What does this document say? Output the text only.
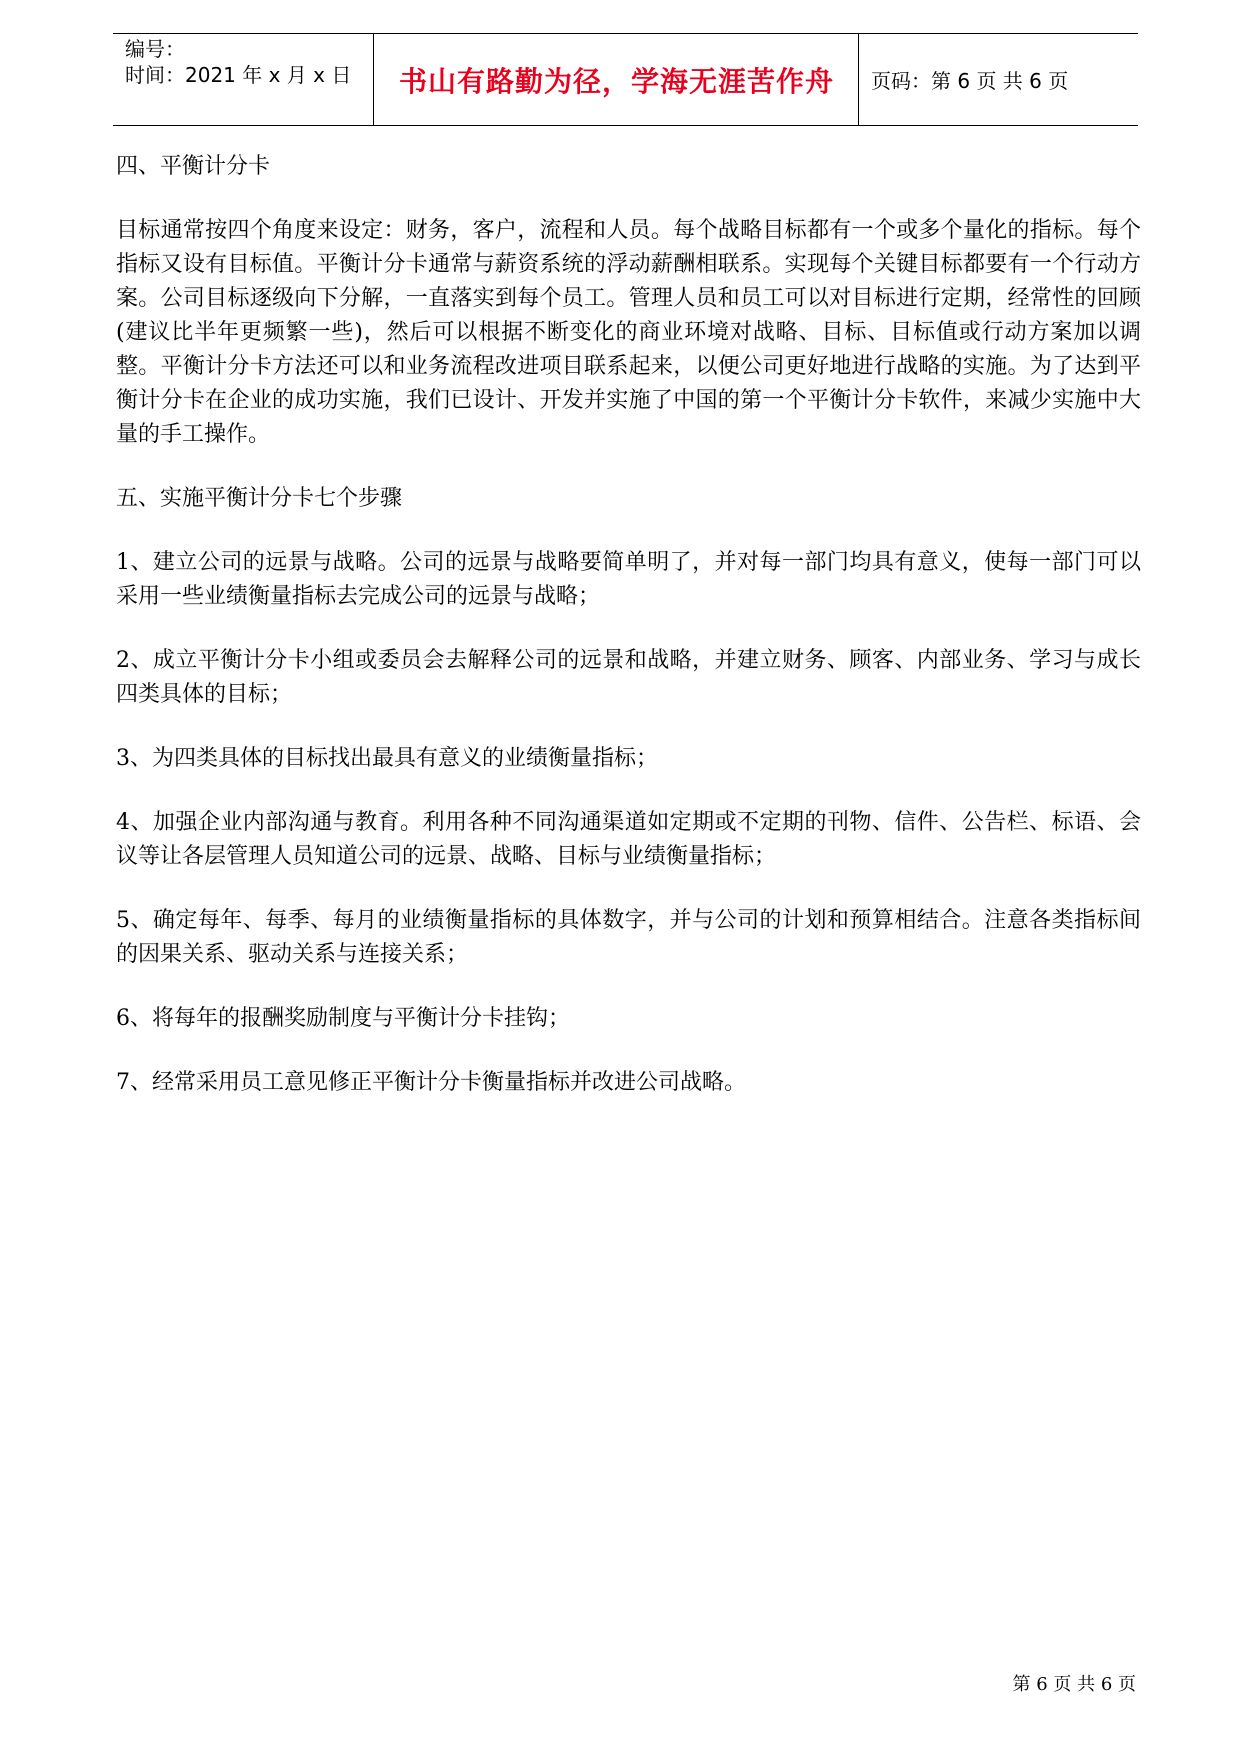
编号：
时间：2021 年 x 月 x 日	书山有路勤为径，学海无涯苦作舟 页码：第 6 页 共 6 页

四、平衡计分卡

目标通常按四个角度来设定：财务，客户，流程和人员。每个战略目标都有一个或多个量化的指标。每个指标又设有目标值。平衡计分卡通常与薪资系统的浮动薪酬相联系。实现每个关键目标都要有一个行动方案。公司目标逐级向下分解，一直落实到每个员工。管理人员和员工可以对目标进行定期，经常性的回顾(建议比半年更频繁一些)，然后可以根据不断变化的商业环境对战略、目标、目标值或行动方案加以调整。平衡计分卡方法还可以和业务流程改进项目联系起来，以便公司更好地进行战略的实施。为了达到平衡计分卡在企业的成功实施，我们已设计、开发并实施了中国的第一个平衡计分卡软件，来减少实施中大量的手工操作。

五、实施平衡计分卡七个步骤

1、建立公司的远景与战略。公司的远景与战略要简单明了，并对每一部门均具有意义，使每一部门可以采用一些业绩衡量指标去完成公司的远景与战略；

2、成立平衡计分卡小组或委员会去解释公司的远景和战略，并建立财务、顾客、内部业务、学习与成长四类具体的目标；

3、为四类具体的目标找出最具有意义的业绩衡量指标；

4、加强企业内部沟通与教育。利用各种不同沟通渠道如定期或不定期的刊物、信件、公告栏、标语、会议等让各层管理人员知道公司的远景、战略、目标与业绩衡量指标；

5、确定每年、每季、每月的业绩衡量指标的具体数字，并与公司的计划和预算相结合。注意各类指标间的因果关系、驱动关系与连接关系；

6、将每年的报酬奖励制度与平衡计分卡挂钩；

7、经常采用员工意见修正平衡计分卡衡量指标并改进公司战略。

第 6 页 共 6 页
